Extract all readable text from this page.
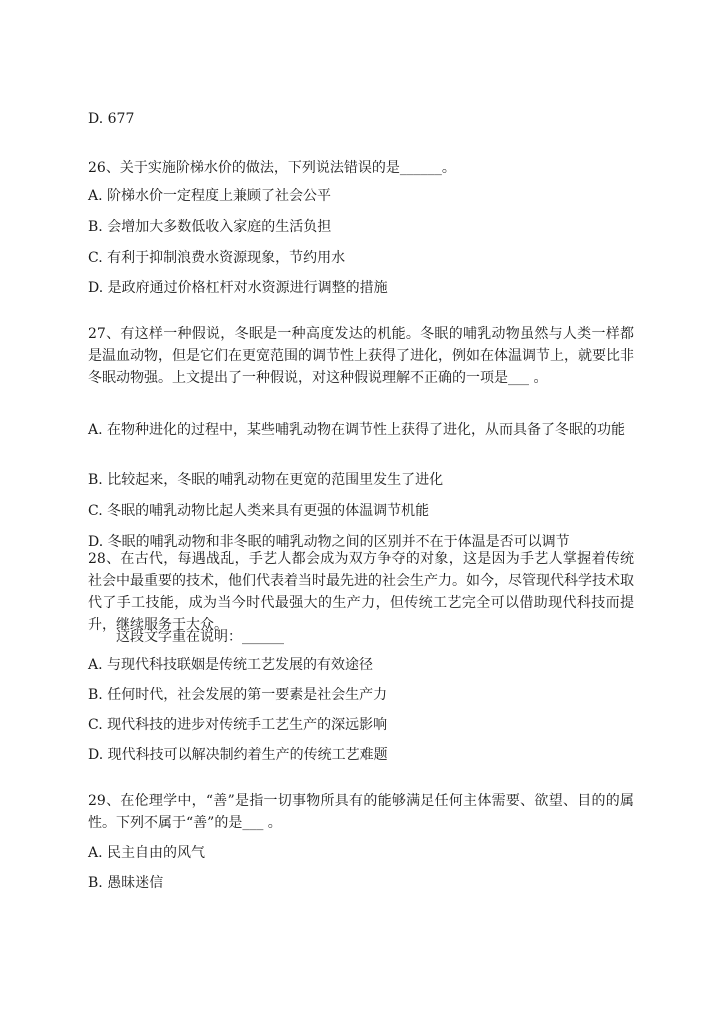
D. 677
26、关于实施阶梯水价的做法，下列说法错误的是______。
A. 阶梯水价一定程度上兼顾了社会公平
B. 会增加大多数低收入家庭的生活负担
C. 有利于抑制浪费水资源现象，节约用水
D. 是政府通过价格杠杆对水资源进行调整的措施
27、有这样一种假说，冬眠是一种高度发达的机能。冬眠的哺乳动物虽然与人类一样都是温血动物，但是它们在更宽范围的调节性上获得了进化，例如在体温调节上，就要比非冬眠动物强。上文提出了一种假说，对这种假说理解不正确的一项是___ 。
A. 在物种进化的过程中，某些哺乳动物在调节性上获得了进化，从而具备了冬眠的功能
B. 比较起来，冬眠的哺乳动物在更宽的范围里发生了进化
C. 冬眠的哺乳动物比起人类来具有更强的体温调节机能
D. 冬眠的哺乳动物和非冬眠的哺乳动物之间的区别并不在于体温是否可以调节
28、在古代，每遇战乱，手艺人都会成为双方争夺的对象，这是因为手艺人掌握着传统社会中最重要的技术，他们代表着当时最先进的社会生产力。如今，尽管现代科学技术取代了手工技能，成为当今时代最强大的生产力，但传统工艺完全可以借助现代科技而提升，继续服务于大众。
这段文字重在说明：______
A. 与现代科技联姻是传统工艺发展的有效途径
B. 任何时代，社会发展的第一要素是社会生产力
C. 现代科技的进步对传统手工艺生产的深远影响
D. 现代科技可以解决制约着生产的传统工艺难题
29、在伦理学中，“善”是指一切事物所具有的能够满足任何主体需要、欲望、目的的属性。下列不属于“善”的是___ 。
A. 民主自由的风气
B. 愚昧迷信
